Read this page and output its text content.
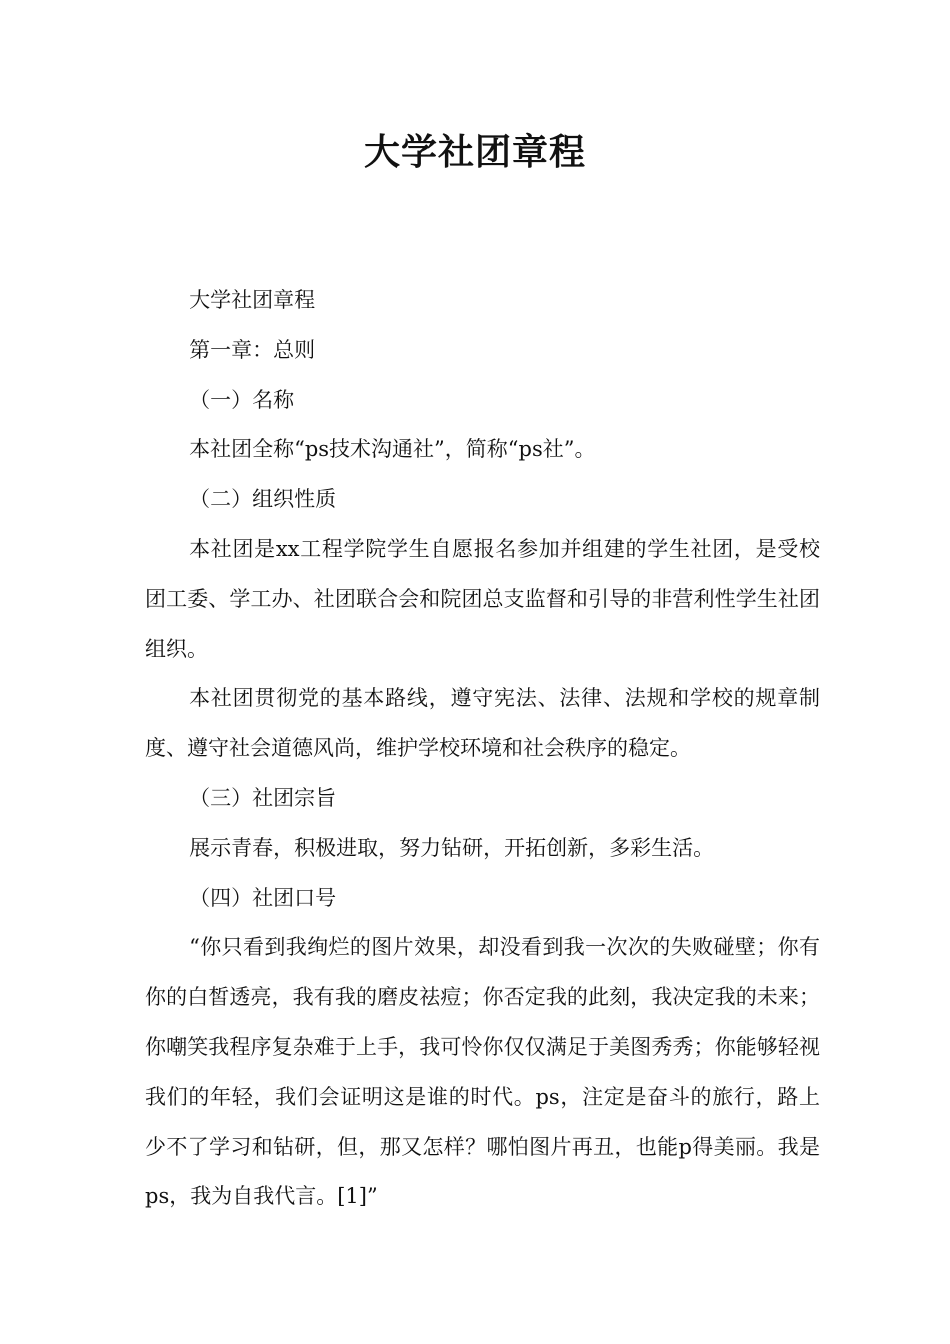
大学社团章程

大学社团章程

第一章：总则

（一）名称

本社团全称“ps技术沟通社”，简称“ps社”。

（二）组织性质

本社团是xx工程学院学生自愿报名参加并组建的学生社团，是受校团工委、学工办、社团联合会和院团总支监督和引导的非营利性学生社团组织。

本社团贯彻党的基本路线，遵守宪法、法律、法规和学校的规章制度、遵守社会道德风尚，维护学校环境和社会秩序的稳定。

（三）社团宗旨

展示青春，积极进取，努力钻研，开拓创新，多彩生活。

（四）社团口号

“你只看到我绚烂的图片效果，却没看到我一次次的失败碰壁；你有你的白皙透亮，我有我的磨皮祛痘；你否定我的此刻，我决定我的未来；你嘲笑我程序复杂难于上手，我可怜你仅仅满足于美图秀秀；你能够轻视我们的年轻，我们会证明这是谁的时代。ps，注定是奋斗的旅行，路上少不了学习和钻研，但，那又怎样？哪怕图片再丑，也能p得美丽。我是ps，我为自我代言。[1]”
